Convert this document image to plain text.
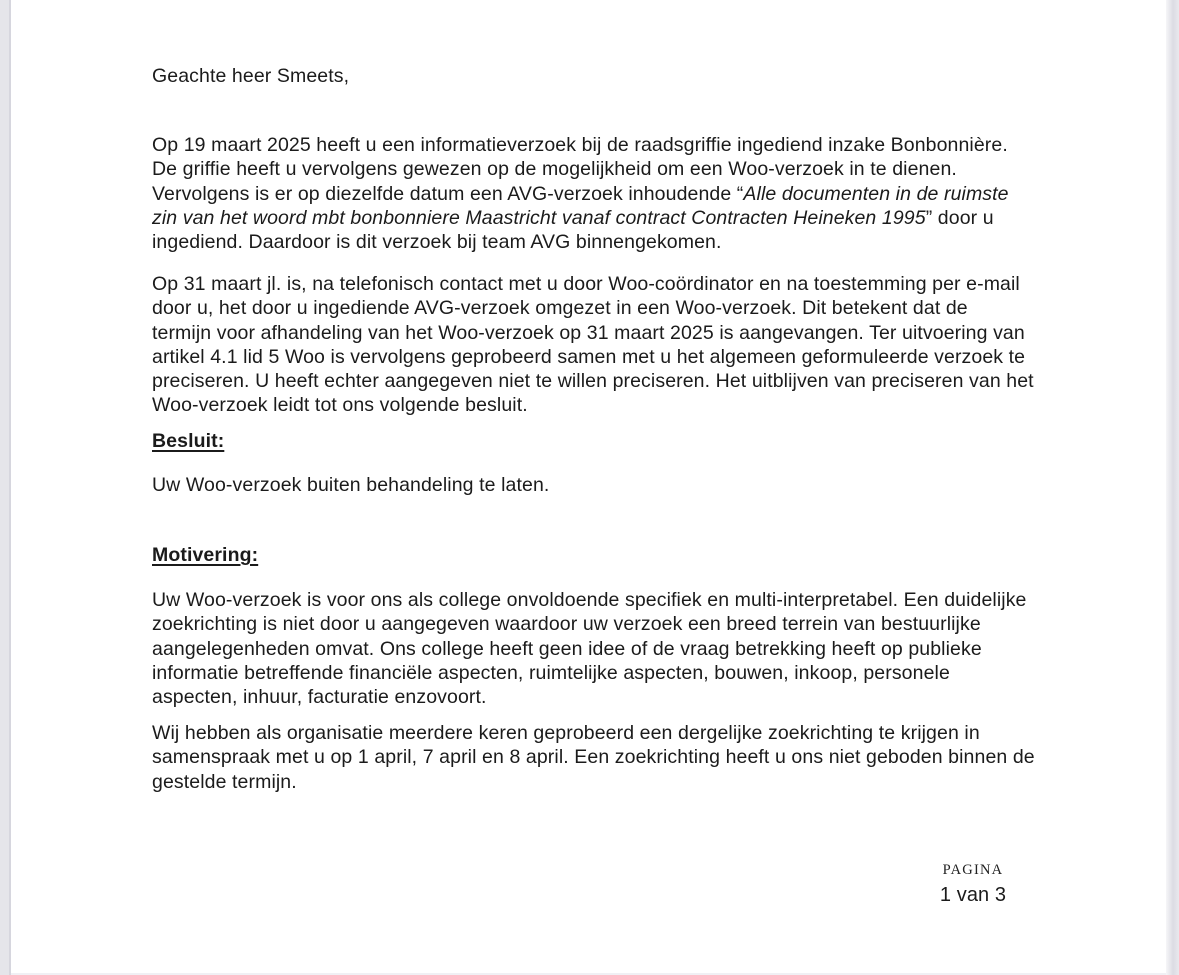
Geachte heer Smeets,

Op 19 maart 2025 heeft u een informatieverzoek bij de raadsgriffie ingediend inzake Bonbonnière.
De griffie heeft u vervolgens gewezen op de mogelijkheid om een Woo-verzoek in te dienen.
Vervolgens is er op diezelfde datum een AVG-verzoek inhoudende “Alle documenten in de ruimste
zin van het woord mbt bonbonniere Maastricht vanaf contract Contracten Heineken 1995” door u
ingediend. Daardoor is dit verzoek bij team AVG binnengekomen.
Op 31 maart jl. is, na telefonisch contact met u door Woo-coördinator en na toestemming per e-mail
door u, het door u ingediende AVG-verzoek omgezet in een Woo-verzoek. Dit betekent dat de
termijn voor afhandeling van het Woo-verzoek op 31 maart 2025 is aangevangen. Ter uitvoering van
artikel 4.1 lid 5 Woo is vervolgens geprobeerd samen met u het algemeen geformuleerde verzoek te
preciseren. U heeft echter aangegeven niet te willen preciseren. Het uitblijven van preciseren van het
Woo-verzoek leidt tot ons volgende besluit.
Besluit:

Uw Woo-verzoek buiten behandeling te laten.

Motivering:
Uw Woo-verzoek is voor ons als college onvoldoende specifiek en multi-interpretabel. Een duidelijke
zoekrichting is niet door u aangegeven waardoor uw verzoek een breed terrein van bestuurlijke
aangelegenheden omvat. Ons college heeft geen idee of de vraag betrekking heeft op publieke
informatie betreffende financiële aspecten, ruimtelijke aspecten, bouwen, inkoop, personele
aspecten, inhuur, facturatie enzovoort.
Wij hebben als organisatie meerdere keren geprobeerd een dergelijke zoekrichting te krijgen in
samenspraak met u op 1 april, 7 april en 8 april. Een zoekrichting heeft u ons niet geboden binnen de
gestelde termijn.
PAGINA
1 van 3
